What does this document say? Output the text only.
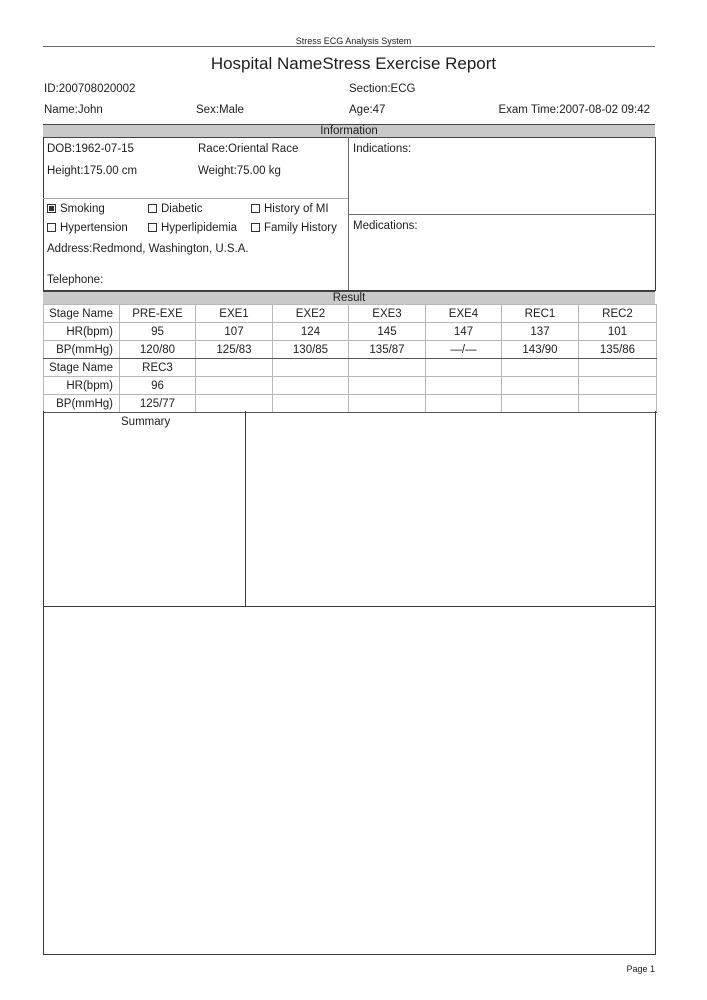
Stress ECG Analysis System
Hospital NameStress Exercise Report
ID:200708020002	Section:ECG
Name:John	Sex:Male	Age:47	Exam Time:2007-08-02 09:42
Information
DOB:1962-07-15	Race:Oriental Race
Height:175.00 cm	Weight:75.00 kg
Indications:
Medications:
Smoking	Diabetic	History of MI
Hypertension	Hyperlipidemia	Family History
Address:Redmond, Washington, U.S.A.
Telephone:
Result
Stage Name	PRE-EXE	EXE1	EXE2	EXE3	EXE4	REC1	REC2
HR(bpm)	95	107	124	145	147	137	101
BP(mmHg)	120/80	125/83	130/85	135/87	—/—	143/90	135/86
Stage Name	REC3						
HR(bpm)	96						
BP(mmHg)	125/77						
Summary
Page 1
